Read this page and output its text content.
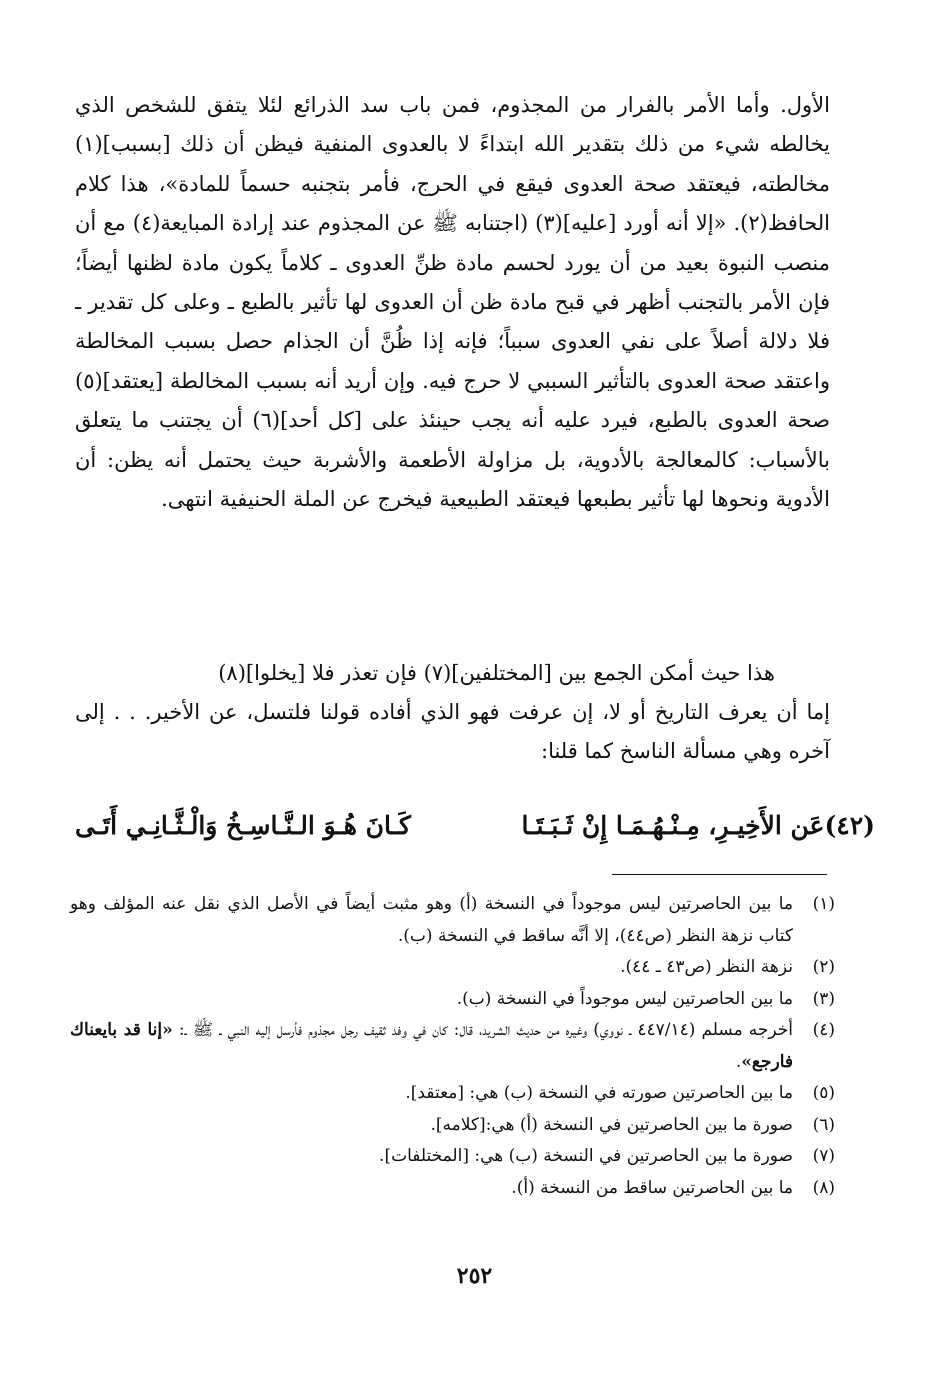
الأول. وأما الأمر بالفرار من المجذوم، فمن باب سد الذرائع لئلا يتفق للشخص الذي يخالطه شيء من ذلك بتقدير الله ابتداءً لا بالعدوى المنفية فيظن أن ذلك [بسبب](١) مخالطته، فيعتقد صحة العدوى فيقع في الحرج، فأمر بتجنبه حسماً للمادة»، هذا كلام الحافظ(٢). «إلا أنه أورد [عليه](٣) (اجتنابه ﷺ عن المجذوم عند إرادة المبايعة(٤) مع أن منصب النبوة بعيد من أن يورد لحسم مادة ظنِّ العدوى ـ كلاماً يكون مادة لظنها أيضاً؛ فإن الأمر بالتجنب أظهر في قبح مادة ظن أن العدوى لها تأثير بالطبع ـ وعلى كل تقدير ـ فلا دلالة أصلاً على نفي العدوى سبباً؛ فإنه إذا ظُنَّ أن الجذام حصل بسبب المخالطة واعتقد صحة العدوى بالتأثير السببي لا حرج فيه. وإن أريد أنه بسبب المخالطة [يعتقد](٥) صحة العدوى بالطبع، فيرد عليه أنه يجب حينئذ على [كل أحد](٦) أن يجتنب ما يتعلق بالأسباب: كالمعالجة بالأدوية، بل مزاولة الأطعمة والأشربة حيث يحتمل أنه يظن: أن الأدوية ونحوها لها تأثير بطبعها فيعتقد الطبيعية فيخرج عن الملة الحنيفية انتهى.

هذا حيث أمكن الجمع بين [المختلفين](٧) فإن تعذر فلا [يخلوا](٨)

إما أن يعرف التاريخ أو لا، إن عرفت فهو الذي أفاده قولنا فلتسل، عن الأخير. . . إلى آخره وهي مسألة الناسخ كما قلنا:

(٤٢)عَن الأَخِيـرِ، مِـنْـهُـمَـا إِنْ ثَـبَـتَـا
كَـانَ هُـوَ الـنَّـاسِـخُ وَالْـثَّـانِـي أَتَـى
(١)
ما بين الحاصرتين ليس موجوداً في النسخة (أ) وهو مثبت أيضاً في الأصل الذي نقل عنه المؤلف وهو كتاب نزهة النظر (ص٤٤)، إلا أنَّه ساقط في النسخة (ب).
(٢)
نزهة النظر (ص٤٣ ـ ٤٤).
(٣)
ما بين الحاصرتين ليس موجوداً في النسخة (ب).
(٤)
أخرجه مسلم (٤٤٧/١٤ ـ نووي) وغيره من حديث الشريد، قال: كان في وفد ثقيف رجل مجذوم فأرسل إليه النبي ـ ﷺ ـ: «إنا قد بايعناك فارجع».
(٥)
ما بين الحاصرتين صورته في النسخة (ب) هي: [معتقد].
(٦)
صورة ما بين الحاصرتين في النسخة (أ) هي:[كلامه].
(٧)
صورة ما بين الحاصرتين في النسخة (ب) هي: [المختلفات].
(٨)
ما بين الحاصرتين ساقط من النسخة (أ).
٢٥٢
